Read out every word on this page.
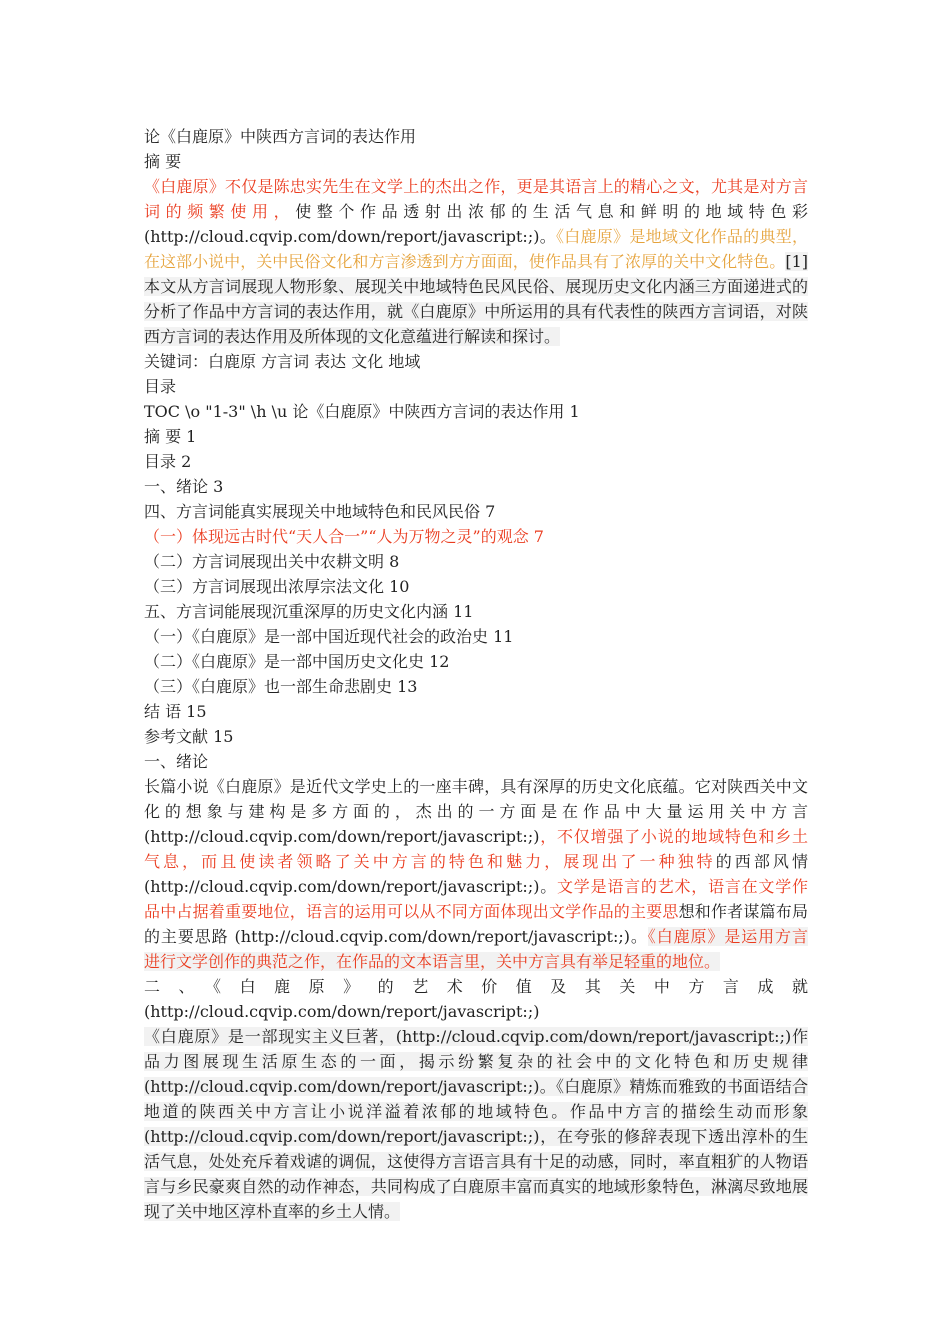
论《白鹿原》中陕西方言词的表达作用
摘 要
《白鹿原》不仅是陈忠实先生在文学上的杰出之作，更是其语言上的精心之文，尤其是对方言词的频繁使用，使整个作品透射出浓郁的生活气息和鲜明的地域特色彩 (http://cloud.cqvip.com/down/report/javascript:;)。《白鹿原》是地域文化作品的典型，在这部小说中，关中民俗文化和方言渗透到方方面面，使作品具有了浓厚的关中文化特色。[1]本文从方言词展现人物形象、展现关中地域特色民风民俗、展现历史文化内涵三方面递进式的分析了作品中方言词的表达作用，就《白鹿原》中所运用的具有代表性的陕西方言词语，对陕西方言词的表达作用及所体现的文化意蕴进行解读和探讨。
关键词：白鹿原 方言词 表达 文化 地域
目录
TOC \o "1-3" \h \u 论《白鹿原》中陕西方言词的表达作用 1
摘 要 1
目录 2
一、绪论 3
四、方言词能真实展现关中地域特色和民风民俗 7
（一）体现远古时代“天人合一”“人为万物之灵”的观念 7
（二）方言词展现出关中农耕文明 8
（三）方言词展现出浓厚宗法文化 10
五、方言词能展现沉重深厚的历史文化内涵 11
（一）《白鹿原》是一部中国近现代社会的政治史 11
（二）《白鹿原》是一部中国历史文化史 12
（三）《白鹿原》也一部生命悲剧史 13
结 语 15
参考文献 15
一、绪论
长篇小说《白鹿原》是近代文学史上的一座丰碑，具有深厚的历史文化底蕴。它对陕西关中文化的想象与建构是多方面的，杰出的一方面是在作品中大量运用关中方言 (http://cloud.cqvip.com/down/report/javascript:;)，不仅增强了小说的地域特色和乡土气息，而且使读者领略了关中方言的特色和魅力，展现出了一种独特的西部风情 (http://cloud.cqvip.com/down/report/javascript:;)。文学是语言的艺术，语言在文学作品中占据着重要地位，语言的运用可以从不同方面体现出文学作品的主要思想和作者谋篇布局的主要思路 (http://cloud.cqvip.com/down/report/javascript:;)。《白鹿原》是运用方言进行文学创作的典范之作，在作品的文本语言里，关中方言具有举足轻重的地位。
二、《白鹿原》的艺术价值及其关中方言成就 (http://cloud.cqvip.com/down/report/javascript:;)
《白鹿原》是一部现实主义巨著，(http://cloud.cqvip.com/down/report/javascript:;)作品力图展现生活原生态的一面，揭示纷繁复杂的社会中的文化特色和历史规律 (http://cloud.cqvip.com/down/report/javascript:;)。《白鹿原》精炼而雅致的书面语结合地道的陕西关中方言让小说洋溢着浓郁的地域特色。作品中方言的描绘生动而形象 (http://cloud.cqvip.com/down/report/javascript:;)，在夸张的修辞表现下透出淳朴的生活气息，处处充斥着戏谑的调侃，这使得方言语言具有十足的动感，同时，率直粗犷的人物语言与乡民豪爽自然的动作神态，共同构成了白鹿原丰富而真实的地域形象特色，淋漓尽致地展现了关中地区淳朴直率的乡土人情。
